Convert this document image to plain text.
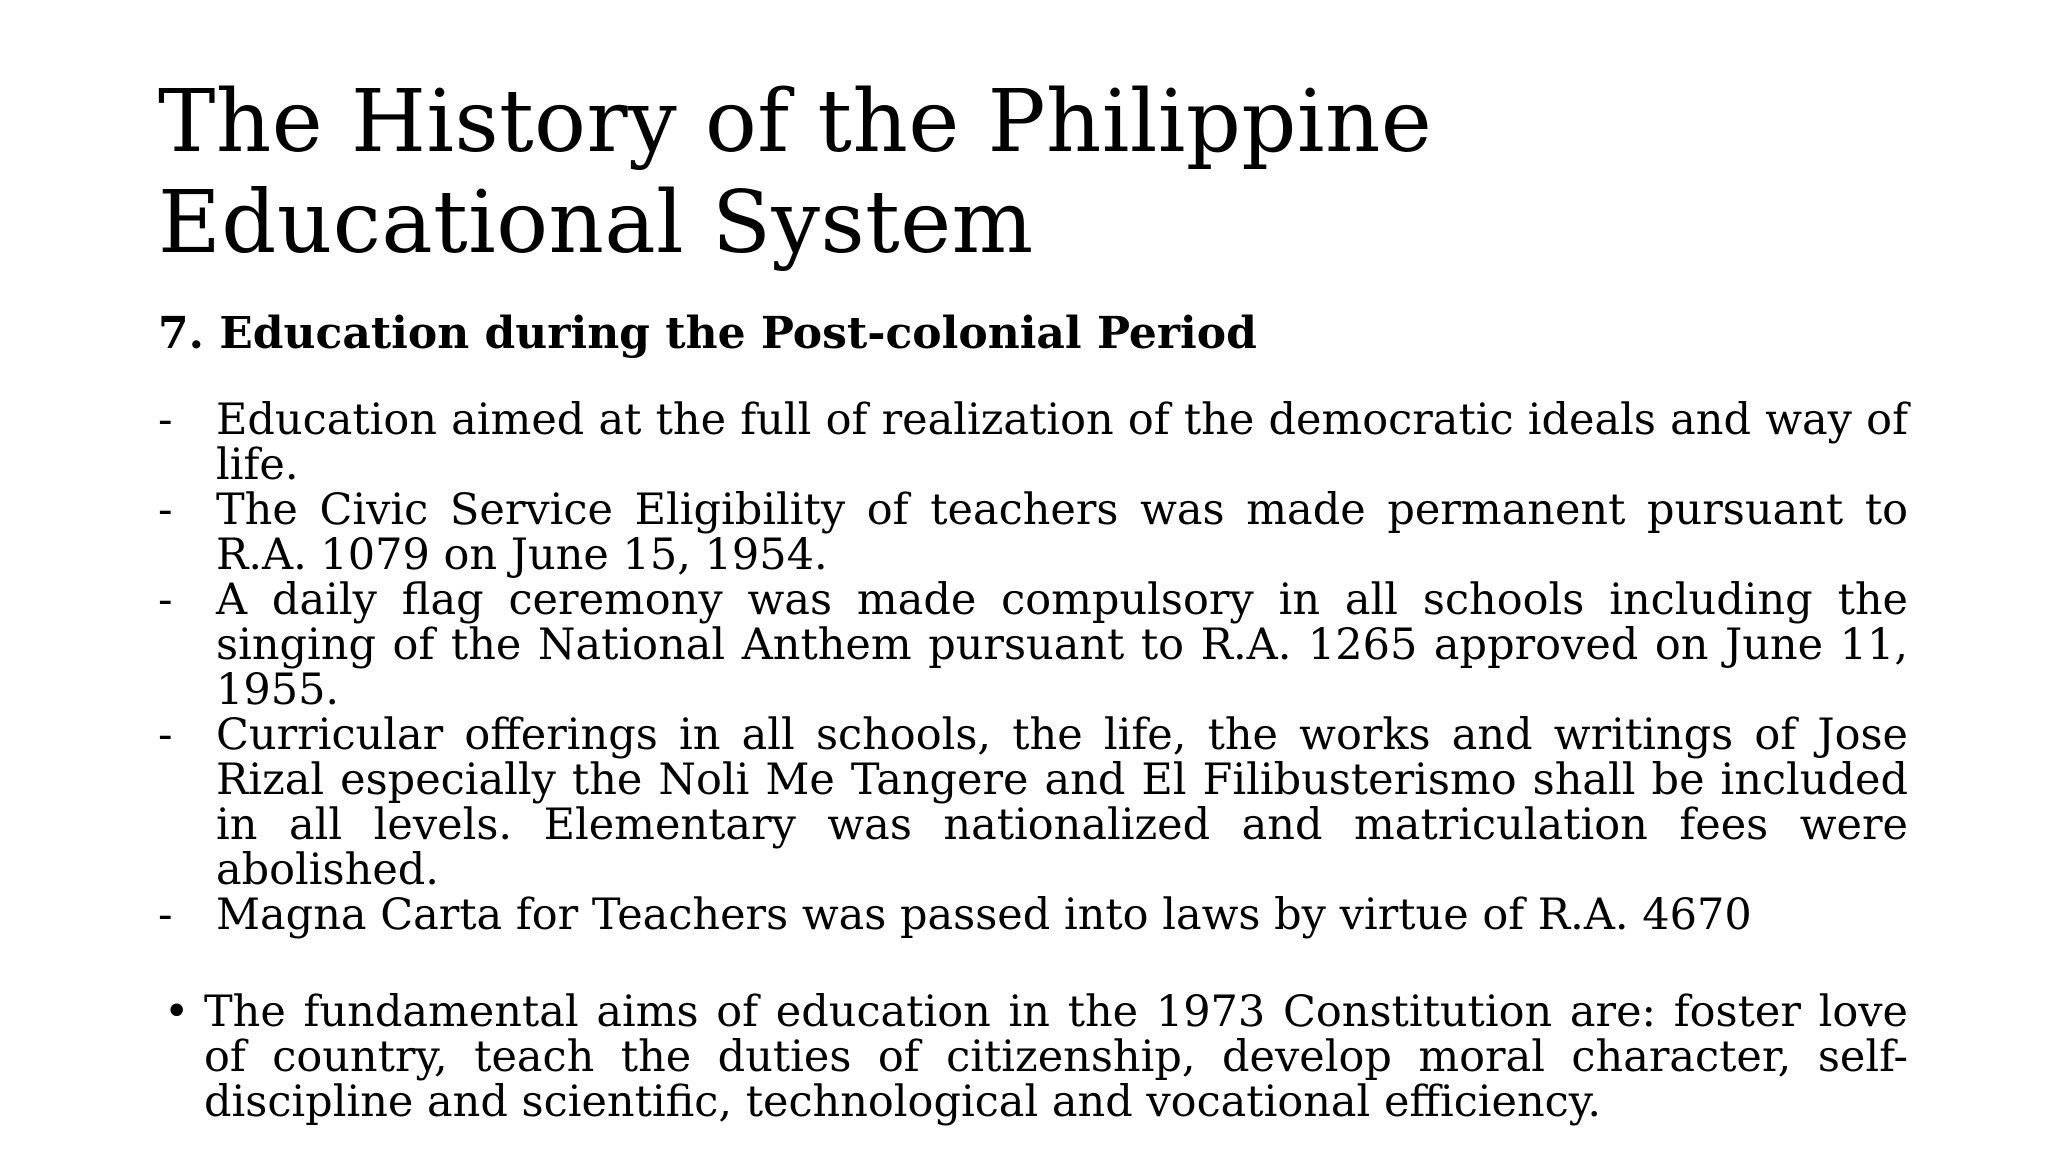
The History of the Philippine Educational System
7. Education during the Post-colonial Period
-	Education aimed at the full of realization of the democratic ideals and way of life.
-	The Civic Service Eligibility of teachers was made permanent pursuant to R.A. 1079 on June 15, 1954.
-	A daily flag ceremony was made compulsory in all schools including the singing of the National Anthem pursuant to R.A. 1265 approved on June 11, 1955.
-	Curricular offerings in all schools, the life, the works and writings of Jose Rizal especially the Noli Me Tangere and El Filibusterismo shall be included in all levels. Elementary was nationalized and matriculation fees were abolished.
-	Magna Carta for Teachers was passed into laws by virtue of R.A. 4670
• The fundamental aims of education in the 1973 Constitution are: foster love of country, teach the duties of citizenship, develop moral character, self-discipline and scientific, technological and vocational efficiency.
